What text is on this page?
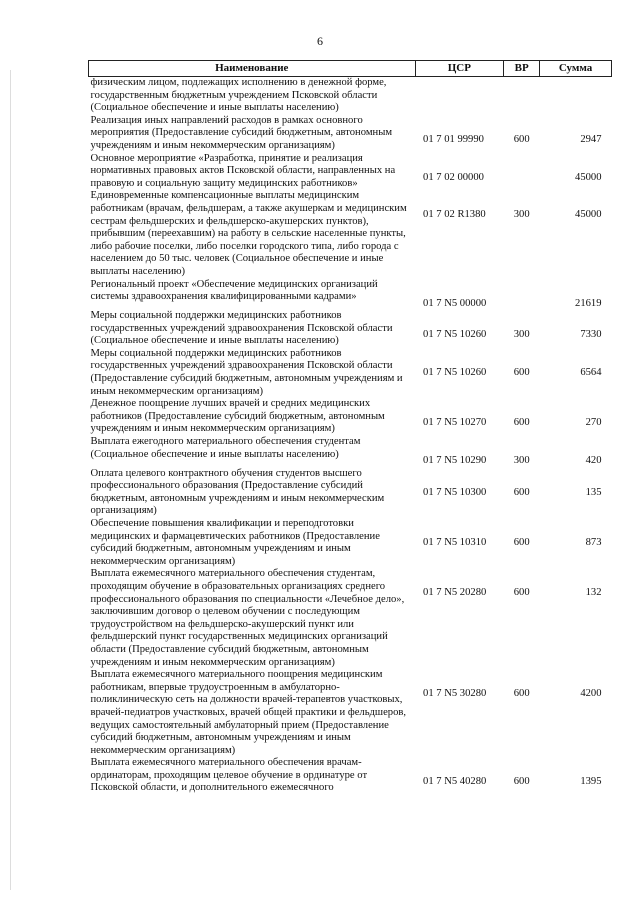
6
Наименование	ЦСР	ВР	Сумма
физическим лицом, подлежащих исполнению в денежной форме, государственным бюджетным учреждением Псковской области (Социальное обеспечение и иные выплаты населению)			
Реализация иных направлений расходов в рамках основного мероприятия (Предоставление субсидий бюджетным, автономным учреждениям и иным некоммерческим организациям)	01 7 01 99990	600	2947
Основное мероприятие «Разработка, принятие и реализация нормативных правовых актов Псковской области, направленных на правовую и социальную защиту медицинских работников»	01 7 02 00000		45000
Единовременные компенсационные выплаты медицинским работникам (врачам, фельдшерам, а также акушеркам и медицинским сестрам фельдшерских и фельдшерско-акушерских пунктов), прибывшим (переехавшим) на работу в сельские населенные пункты, либо рабочие поселки, либо поселки городского типа, либо города с населением до 50 тыс. человек (Социальное обеспечение и иные выплаты населению)	01 7 02 R1380	300	45000
Региональный проект «Обеспечение медицинских организаций системы здравоохранения квалифицированными кадрами»	01 7 N5 00000		21619
Меры социальной поддержки медицинских работников государственных учреждений здравоохранения Псковской области (Социальное обеспечение и иные выплаты населению)	01 7 N5 10260	300	7330
Меры социальной поддержки медицинских работников государственных учреждений здравоохранения Псковской области (Предоставление субсидий бюджетным, автономным учреждениям и иным некоммерческим организациям)	01 7 N5 10260	600	6564
Денежное поощрение лучших врачей и средних медицинских работников (Предоставление субсидий бюджетным, автономным учреждениям и иным некоммерческим организациям)	01 7 N5 10270	600	270
Выплата ежегодного материального обеспечения студентам (Социальное обеспечение и иные выплаты населению)	01 7 N5 10290	300	420
Оплата целевого контрактного обучения студентов высшего профессионального образования (Предоставление субсидий бюджетным, автономным учреждениям и иным некоммерческим организациям)	01 7 N5 10300	600	135
Обеспечение повышения квалификации и переподготовки медицинских и фармацевтических работников (Предоставление субсидий бюджетным, автономным учреждениям и иным некоммерческим организациям)	01 7 N5 10310	600	873
Выплата ежемесячного материального обеспечения студентам, проходящим обучение в образовательных организациях среднего профессионального образования по специальности «Лечебное дело», заключившим договор о целевом обучении с последующим трудоустройством на фельдшерско-акушерский пункт или фельдшерский пункт государственных медицинских организаций области (Предоставление субсидий бюджетным, автономным учреждениям и иным некоммерческим организациям)	01 7 N5 20280	600	132
Выплата ежемесячного материального поощрения медицинским работникам, впервые трудоустроенным в амбулаторно-поликлиническую сеть на должности врачей-терапевтов участковых, врачей-педиатров участковых, врачей общей практики и фельдшеров, ведущих самостоятельный амбулаторный прием (Предоставление субсидий бюджетным, автономным учреждениям и иным некоммерческим организациям)	01 7 N5 30280	600	4200
Выплата ежемесячного материального обеспечения врачам-ординаторам, проходящим целевое обучение в ординатуре от Псковской области, и дополнительного ежемесячного	01 7 N5 40280	600	1395
